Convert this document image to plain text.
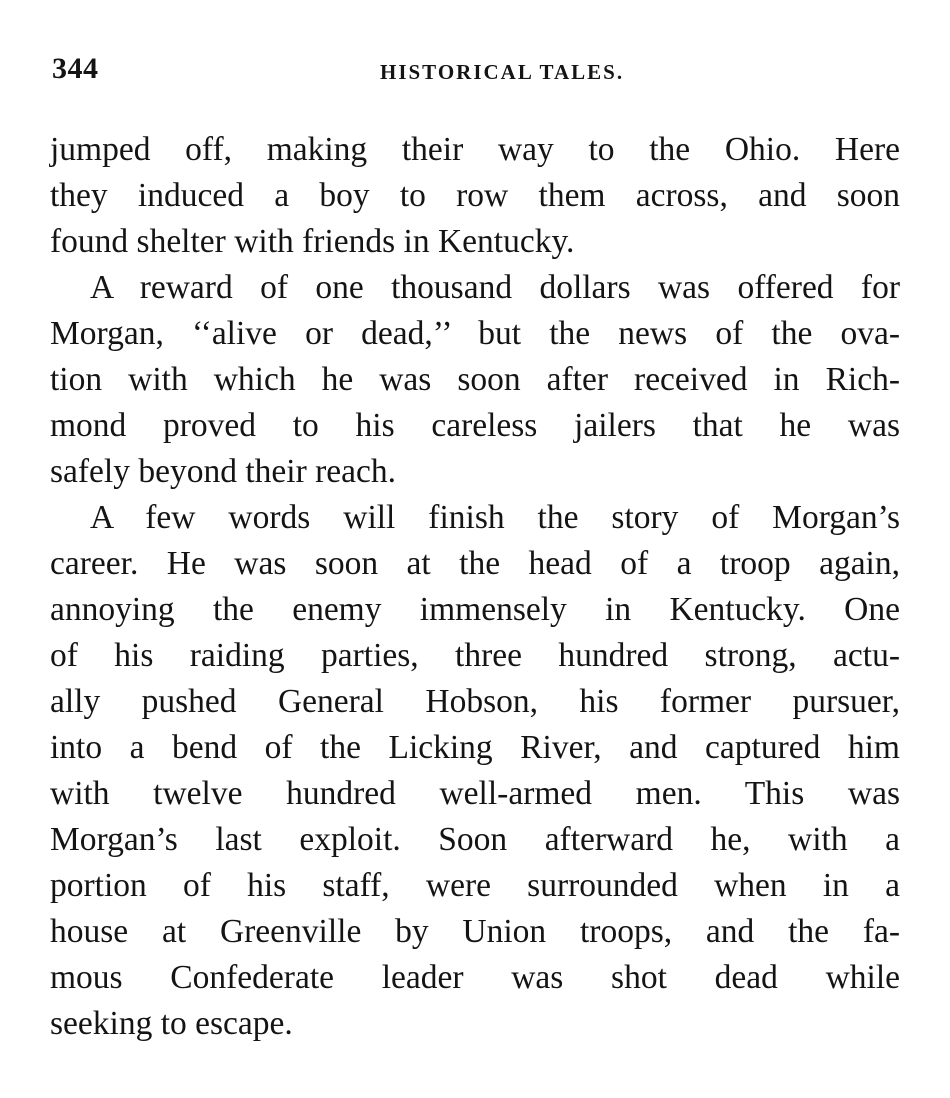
344	HISTORICAL TALES.
jumped off, making their way to the Ohio. Here
they induced a boy to row them across, and soon
found shelter with friends in Kentucky.
A reward of one thousand dollars was offered for
Morgan, ‘‘alive or dead,’’ but the news of the ova-
tion with which he was soon after received in Rich-
mond proved to his careless jailers that he was
safely beyond their reach.
A few words will finish the story of Morgan’s
career. He was soon at the head of a troop again,
annoying the enemy immensely in Kentucky. One
of his raiding parties, three hundred strong, actu-
ally pushed General Hobson, his former pursuer,
into a bend of the Licking River, and captured him
with twelve hundred well-armed men. This was
Morgan’s last exploit. Soon afterward he, with a
portion of his staff, were surrounded when in a
house at Greenville by Union troops, and the fa-
mous Confederate leader was shot dead while
seeking to escape.
